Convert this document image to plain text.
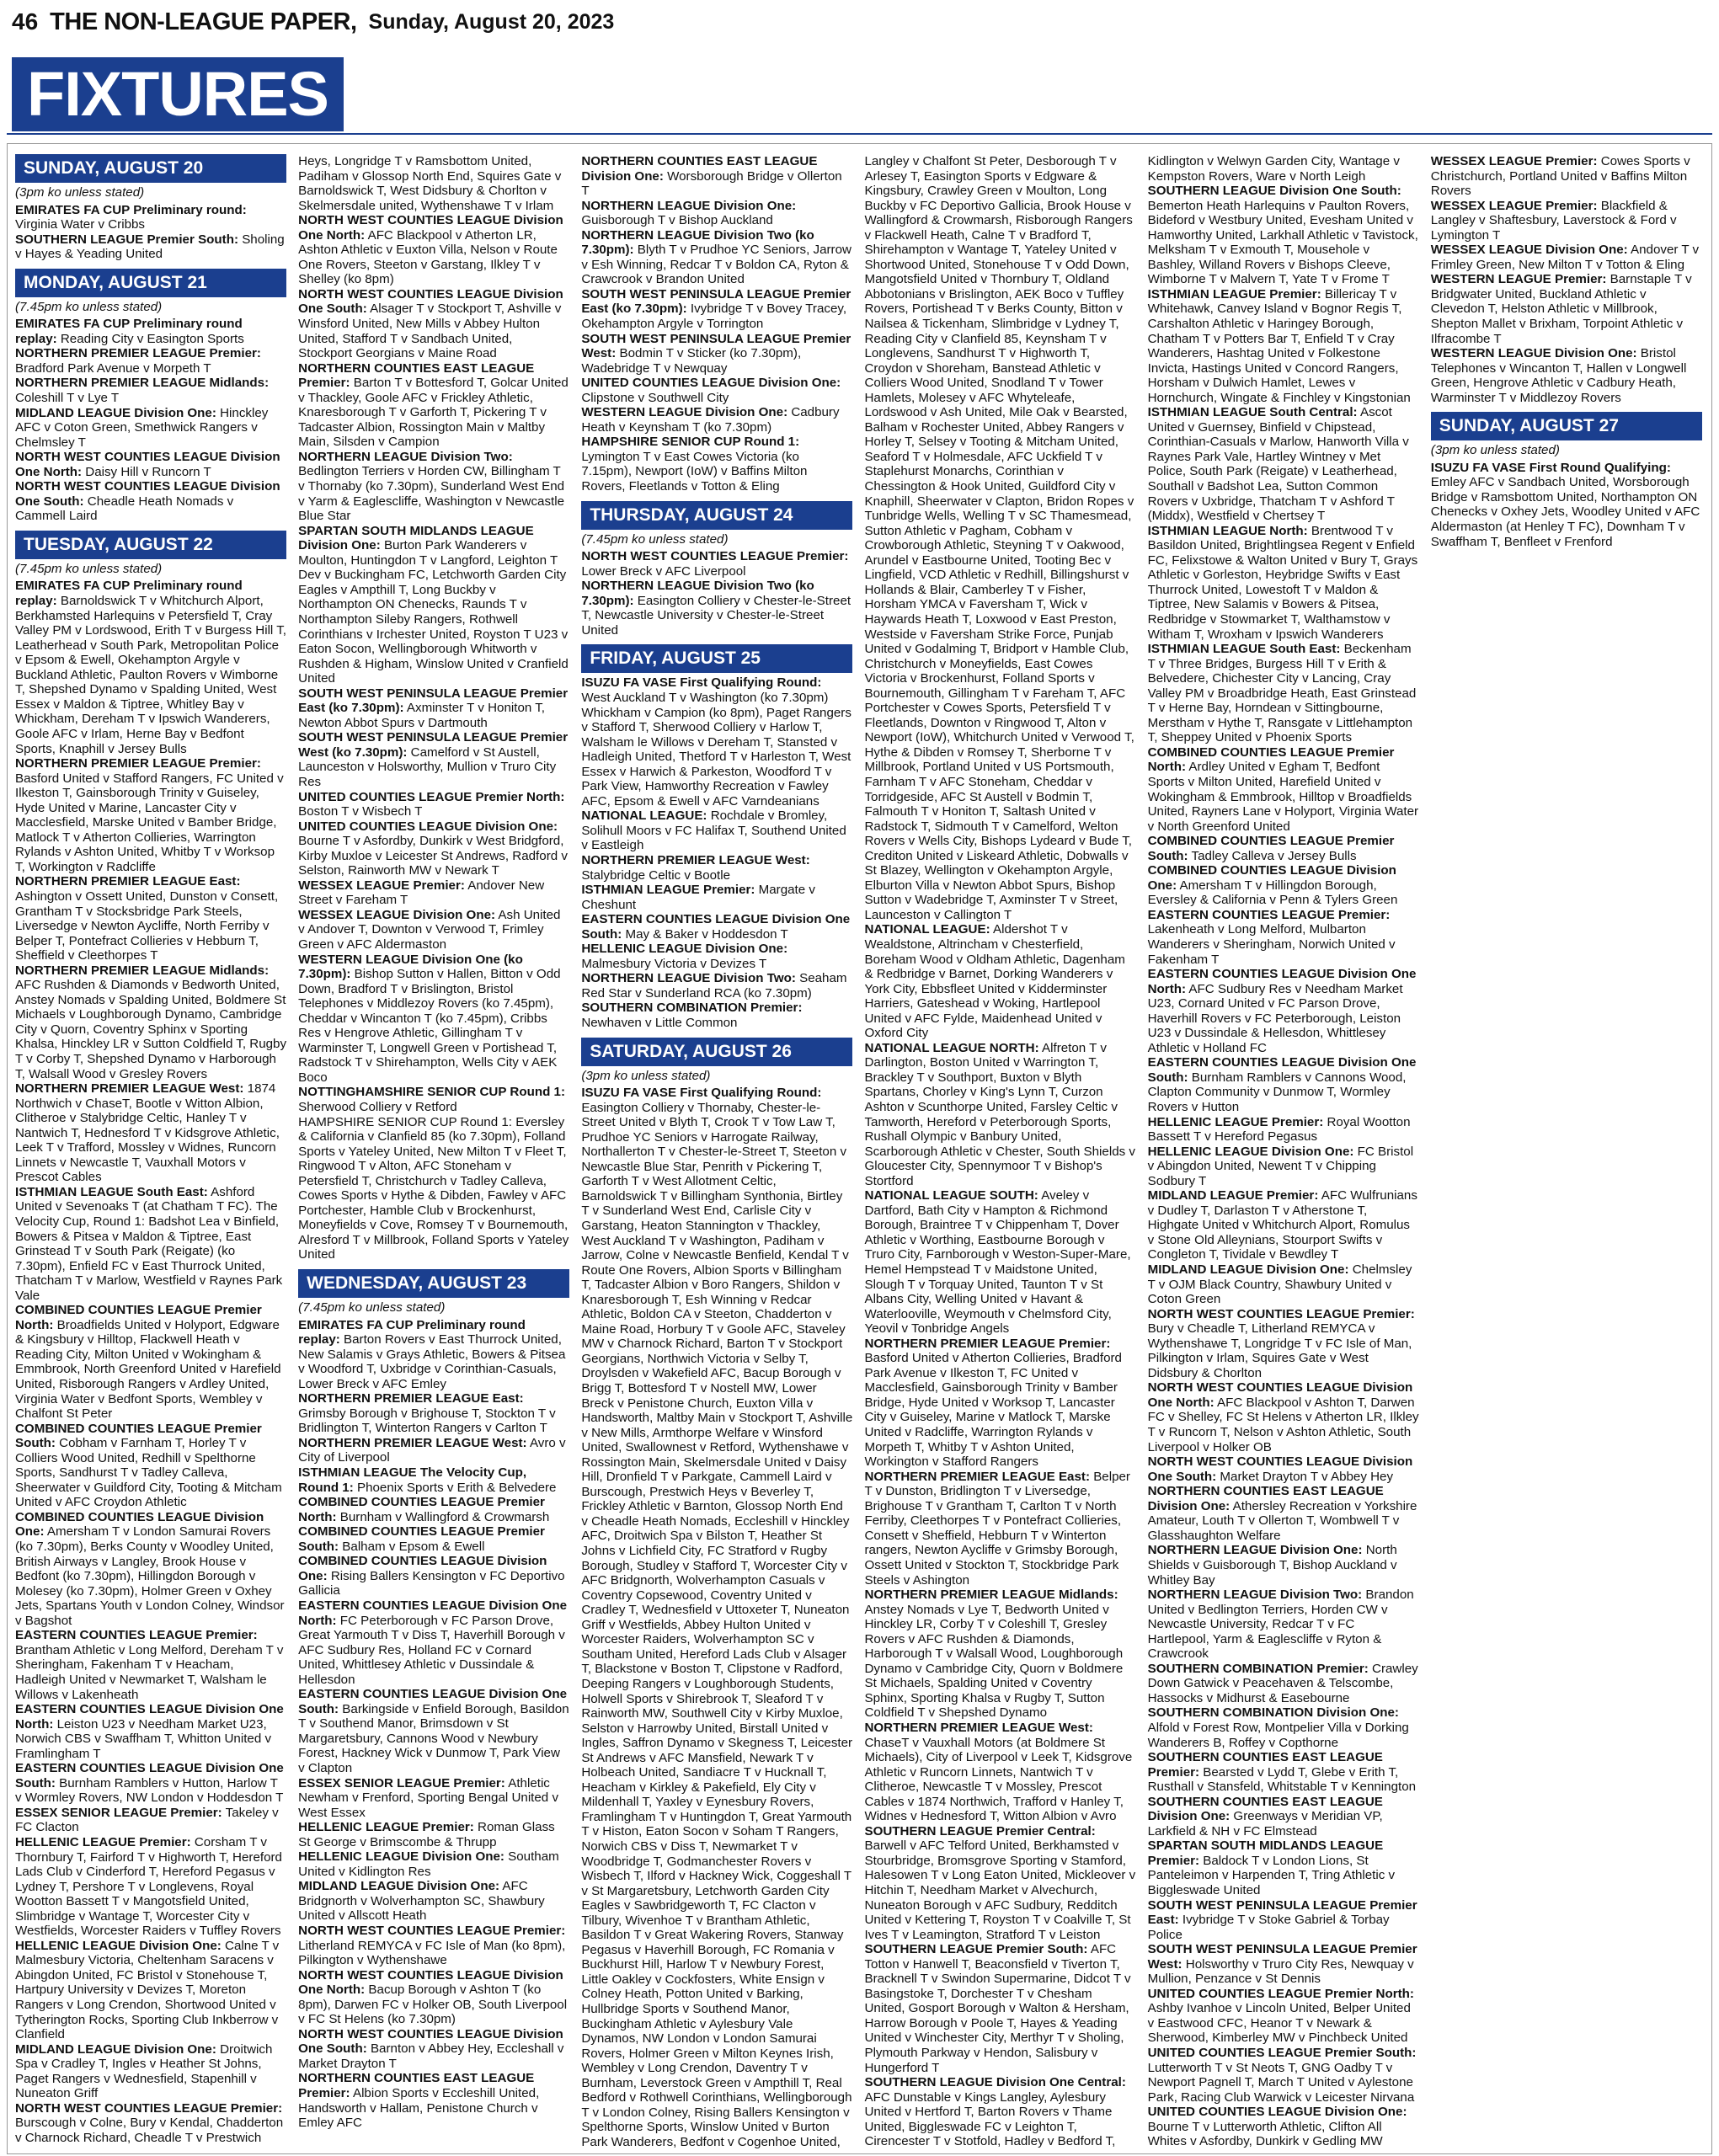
46 THE NON-LEAGUE PAPER, Sunday, August 20, 2023
FIXTURES
SUNDAY, AUGUST 20
(3pm ko unless stated)

EMIRATES FA CUP Preliminary round: Virginia Water v Cribbs

SOUTHERN LEAGUE Premier South: Sholing v Hayes & Yeading United

MONDAY, AUGUST 21
(7.45pm ko unless stated)

EMIRATES FA CUP Preliminary round replay: Reading City v Easington Sports

NORTHERN PREMIER LEAGUE Premier: Bradford Park Avenue v Morpeth T

NORTHERN PREMIER LEAGUE Midlands: Coleshill T v Lye T

MIDLAND LEAGUE Division One: Hinckley AFC v Coton Green, Smethwick Rangers v Chelmsley T

NORTH WEST COUNTIES LEAGUE Division One North: Daisy Hill v Runcorn T

NORTH WEST COUNTIES LEAGUE Division One South: Cheadle Heath Nomads v Cammell Laird

TUESDAY, AUGUST 22
(7.45pm ko unless stated)

EMIRATES FA CUP Preliminary round replay: Barnoldswick T v Whitchurch Alport, Berkhamsted Harlequins v Petersfield T, Cray Valley PM v Lordswood, Erith T v Burgess Hill T, Leatherhead v South Park, Metropolitan Police v Epsom & Ewell, Okehampton Argyle v Buckland Athletic, Paulton Rovers v Wimborne T, Shepshed Dynamo v Spalding United, West Essex v Maldon & Tiptree, Whitley Bay v Whickham, Dereham T v Ipswich Wanderers, Goole AFC v Irlam, Herne Bay v Bedfont Sports, Knaphill v Jersey Bulls

NORTHERN PREMIER LEAGUE Premier: Basford United v Stafford Rangers, FC United v Ilkeston T, Gainsborough Trinity v Guiseley, Hyde United v Marine, Lancaster City v Macclesfield, Marske United v Bamber Bridge, Matlock T v Atherton Collieries, Warrington Rylands v Ashton United, Whitby T v Worksop T, Workington v Radcliffe

NORTHERN PREMIER LEAGUE East: Ashington v Ossett United, Dunston v Consett, Grantham T v Stocksbridge Park Steels, Liversedge v Newton Aycliffe, North Ferriby v Belper T, Pontefract Collieries v Hebburn T, Sheffield v Cleethorpes T

NORTHERN PREMIER LEAGUE Midlands: AFC Rushden & Diamonds v Bedworth United, Anstey Nomads v Spalding United, Boldmere St Michaels v Loughborough Dynamo, Cambridge City v Quorn, Coventry Sphinx v Sporting Khalsa, Hinckley LR v Sutton Coldfield T, Rugby T v Corby T, Shepshed Dynamo v Harborough T, Walsall Wood v Gresley Rovers

NORTHERN PREMIER LEAGUE West: 1874 Northwich v ChaseT, Bootle v Witton Albion, Clitheroe v Stalybridge Celtic, Hanley T v Nantwich T, Hednesford T v Kidsgrove Athletic, Leek T v Trafford, Mossley v Widnes, Runcorn Linnets v Newcastle T, Vauxhall Motors v Prescot Cables

ISTHMIAN LEAGUE South East: Ashford United v Sevenoaks T (at Chatham T FC). The Velocity Cup, Round 1: Badshot Lea v Binfield, Bowers & Pitsea v Maldon & Tiptree, East Grinstead T v South Park (Reigate) (ko 7.30pm), Enfield FC v East Thurrock United, Thatcham T v Marlow, Westfield v Raynes Park Vale

COMBINED COUNTIES LEAGUE Premier North: Broadfields United v Holyport, Edgware & Kingsbury v Hilltop, Flackwell Heath v Reading City, Milton United v Wokingham & Emmbrook, North Greenford United v Harefield United, Risborough Rangers v Ardley United, Virginia Water v Bedfont Sports, Wembley v Chalfont St Peter

COMBINED COUNTIES LEAGUE Premier South: Cobham v Farnham T, Horley T v Colliers Wood United, Redhill v Spelthorne Sports, Sandhurst T v Tadley Calleva, Sheerwater v Guildford City, Tooting & Mitcham United v AFC Croydon Athletic

COMBINED COUNTIES LEAGUE Division One: Amersham T v London Samurai Rovers (ko 7.30pm), Berks County v Woodley United, British Airways v Langley, Brook House v Bedfont (ko 7.30pm), Hillingdon Borough v Molesey (ko 7.30pm), Holmer Green v Oxhey Jets, Spartans Youth v London Colney, Windsor v Bagshot

EASTERN COUNTIES LEAGUE Premier: Brantham Athletic v Long Melford, Dereham T v Sheringham, Fakenham T v Heacham, Hadleigh United v Newmarket T, Walsham le Willows v Lakenheath

EASTERN COUNTIES LEAGUE Division One North: Leiston U23 v Needham Market U23, Norwich CBS v Swaffham T, Whitton United v Framlingham T

EASTERN COUNTIES LEAGUE Division One South: Burnham Ramblers v Hutton, Harlow T v Wormley Rovers, NW London v Hoddesdon T

ESSEX SENIOR LEAGUE Premier: Takeley v FC Clacton

HELLENIC LEAGUE Premier: Corsham T v Thornbury T, Fairford T v Highworth T, Hereford Lads Club v Cinderford T, Hereford Pegasus v Lydney T, Pershore T v Longlevens, Royal Wootton Bassett T v Mangotsfield United, Slimbridge v Wantage T, Worcester City v Westfields, Worcester Raiders v Tuffley Rovers

HELLENIC LEAGUE Division One: Calne T v Malmesbury Victoria, Cheltenham Saracens v Abingdon United, FC Bristol v Stonehouse T, Hartpury University v Devizes T, Moreton Rangers v Long Crendon, Shortwood United v Tytherington Rocks, Sporting Club Inkberrow v Clanfield

MIDLAND LEAGUE Division One: Droitwich Spa v Cradley T, Ingles v Heather St Johns, Paget Rangers v Wednesfield, Stapenhill v Nuneaton Griff

NORTH WEST COUNTIES LEAGUE Premier: Burscough v Colne, Bury v Kendal, Chadderton v Charnock Richard, Cheadle T v Prestwich Heys, Longridge T v Ramsbottom United, Padiham v Glossop North End, Squires Gate v Barnoldswick T, West Didsbury & Chorlton v Skelmersdale united, Wythenshawe T v Irlam

NORTH WEST COUNTIES LEAGUE Division One North: AFC Blackpool v Atherton LR, Ashton Athletic v Euxton Villa, Nelson v Route One Rovers, Steeton v Garstang, Ilkley T v Shelley (ko 8pm)

NORTH WEST COUNTIES LEAGUE Division One South: Alsager T v Stockport T, Ashville v Winsford United, New Mills v Abbey Hulton United, Stafford T v Sandbach United, Stockport Georgians v Maine Road

NORTHERN COUNTIES EAST LEAGUE Premier: Barton T v Bottesford T, Golcar United v Thackley, Goole AFC v Frickley Athletic, Knaresborough T v Garforth T, Pickering T v Tadcaster Albion, Rossington Main v Maltby Main, Silsden v Campion

NORTHERN LEAGUE Division Two: Bedlington Terriers v Horden CW, Billingham T v Thornaby (ko 7.30pm), Sunderland West End v Yarm & Eaglescliffe, Washington v Newcastle Blue Star

SPARTAN SOUTH MIDLANDS LEAGUE Division One: Burton Park Wanderers v Moulton, Huntingdon T v Langford, Leighton T Dev v Buckingham FC, Letchworth Garden City Eagles v Ampthill T, Long Buckby v Northampton ON Chenecks, Raunds T v Northampton Sileby Rangers, Rothwell Corinthians v Irchester United, Royston T U23 v Eaton Socon, Wellingborough Whitworth v Rushden & Higham, Winslow United v Cranfield United

SOUTH WEST PENINSULA LEAGUE Premier East (ko 7.30pm): Axminster T v Honiton T, Newton Abbot Spurs v Dartmouth

SOUTH WEST PENINSULA LEAGUE Premier West (ko 7.30pm): Camelford v St Austell, Launceston v Holsworthy, Mullion v Truro City Res

UNITED COUNTIES LEAGUE Premier North: Boston T v Wisbech T

UNITED COUNTIES LEAGUE Division One: Bourne T v Asfordby, Dunkirk v West Bridgford, Kirby Muxloe v Leicester St Andrews, Radford v Selston, Rainworth MW v Newark T

WESSEX LEAGUE Premier: Andover New Street v Fareham T

WESSEX LEAGUE Division One: Ash United v Andover T, Downton v Verwood T, Frimley Green v AFC Aldermaston

WESTERN LEAGUE Division One (ko 7.30pm): Bishop Sutton v Hallen, Bitton v Odd Down, Bradford T v Brislington, Bristol Telephones v Middlezoy Rovers (ko 7.45pm), Cheddar v Wincanton T (ko 7.45pm), Cribbs Res v Hengrove Athletic, Gillingham T v Warminster T, Longwell Green v Portishead T, Radstock T v Shirehampton, Wells City v AEK Boco

NOTTINGHAMSHIRE SENIOR CUP Round 1: Sherwood Colliery v Retford

HAMPSHIRE SENIOR CUP Round 1: Eversley & California v Clanfield 85 (ko 7.30pm), Folland Sports v Yateley United, New Milton T v Fleet T, Ringwood T v Alton, AFC Stoneham v Petersfield T, Christchurch v Tadley Calleva, Cowes Sports v Hythe & Dibden, Fawley v AFC Portchester, Hamble Club v Brockenhurst, Moneyfields v Cove, Romsey T v Bournemouth, Alresford T v Millbrook, Folland Sports v Yateley United

WEDNESDAY, AUGUST 23
(7.45pm ko unless stated)

EMIRATES FA CUP Preliminary round replay: Barton Rovers v East Thurrock United, New Salamis v Grays Athletic, Bowers & Pitsea v Woodford T, Uxbridge v Corinthian-Casuals, Lower Breck v AFC Emley

NORTHERN PREMIER LEAGUE East: Grimsby Borough v Brighouse T, Stockton T v Bridlington T, Winterton Rangers v Carlton T

NORTHERN PREMIER LEAGUE West: Avro v City of Liverpool

ISTHMIAN LEAGUE The Velocity Cup, Round 1: Phoenix Sports v Erith & Belvedere

COMBINED COUNTIES LEAGUE Premier North: Burnham v Wallingford & Crowmarsh

COMBINED COUNTIES LEAGUE Premier South: Balham v Epsom & Ewell

COMBINED COUNTIES LEAGUE Division One: Rising Ballers Kensington v FC Deportivo Gallicia

EASTERN COUNTIES LEAGUE Division One North: FC Peterborough v FC Parson Drove, Great Yarmouth T v Diss T, Haverhill Borough v AFC Sudbury Res, Holland FC v Cornard United, Whittlesey Athletic v Dussindale & Hellesdon

EASTERN COUNTIES LEAGUE Division One South: Barkingside v Enfield Borough, Basildon T v Southend Manor, Brimsdown v St Margaretsbury, Cannons Wood v Newbury Forest, Hackney Wick v Dunmow T, Park View v Clapton

ESSEX SENIOR LEAGUE Premier: Athletic Newham v Frenford, Sporting Bengal United v West Essex

HELLENIC LEAGUE Premier: Roman Glass St George v Brimscombe & Thrupp

HELLENIC LEAGUE Division One: Southam United v Kidlington Res

MIDLAND LEAGUE Division One: AFC Bridgnorth v Wolverhampton SC, Shawbury United v Allscott Heath

NORTH WEST COUNTIES LEAGUE Premier: Litherland REMYCA v FC Isle of Man (ko 8pm), Pilkington v Wythenshawe

NORTH WEST COUNTIES LEAGUE Division One North: Bacup Borough v Ashton T (ko 8pm), Darwen FC v Holker OB, South Liverpool v FC St Helens (ko 7.30pm)

NORTH WEST COUNTIES LEAGUE Division One South: Barnton v Abbey Hey, Eccleshall v Market Drayton T

NORTHERN COUNTIES EAST LEAGUE Premier: Albion Sports v Eccleshill United, Handsworth v Hallam, Penistone Church v Emley AFC

NORTHERN COUNTIES EAST LEAGUE Division One: Worsborough Bridge v Ollerton T

NORTHERN LEAGUE Division One: Guisborough T v Bishop Auckland

NORTHERN LEAGUE Division Two (ko 7.30pm): Blyth T v Prudhoe YC Seniors, Jarrow v Esh Winning, Redcar T v Boldon CA, Ryton & Crawcrook v Brandon United

SOUTH WEST PENINSULA LEAGUE Premier East (ko 7.30pm): Ivybridge T v Bovey Tracey, Okehampton Argyle v Torrington

SOUTH WEST PENINSULA LEAGUE Premier West: Bodmin T v Sticker (ko 7.30pm), Wadebridge T v Newquay

UNITED COUNTIES LEAGUE Division One: Clipstone v Southwell City

WESTERN LEAGUE Division One: Cadbury Heath v Keynsham T (ko 7.30pm)

HAMPSHIRE SENIOR CUP Round 1: Lymington T v East Cowes Victoria (ko 7.15pm), Newport (IoW) v Baffins Milton Rovers, Fleetlands v Totton & Eling

THURSDAY, AUGUST 24
(7.45pm ko unless stated)

NORTH WEST COUNTIES LEAGUE Premier: Lower Breck v AFC Liverpool

NORTHERN LEAGUE Division Two (ko 7.30pm): Easington Colliery v Chester-le-Street T, Newcastle University v Chester-le-Street United

FRIDAY, AUGUST 25

ISUZU FA VASE First Qualifying Round: West Auckland T v Washington (ko 7.30pm) Whickham v Campion (ko 8pm), Paget Rangers v Stafford T, Sherwood Colliery v Harlow T, Walsham le Willows v Dereham T, Stansted v Hadleigh United, Thetford T v Harleston T, West Essex v Harwich & Parkeston, Woodford T v Park View, Hamworthy Recreation v Fawley AFC, Epsom & Ewell v AFC Varndeanians

NATIONAL LEAGUE: Rochdale v Bromley, Solihull Moors v FC Halifax T, Southend United v Eastleigh

NORTHERN PREMIER LEAGUE West: Stalybridge Celtic v Bootle

ISTHMIAN LEAGUE Premier: Margate v Cheshunt

EASTERN COUNTIES LEAGUE Division One South: May & Baker v Hoddesdon T

HELLENIC LEAGUE Division One: Malmesbury Victoria v Devizes T

NORTHERN LEAGUE Division Two: Seaham Red Star v Sunderland RCA (ko 7.30pm)

SOUTHERN COMBINATION Premier: Newhaven v Little Common

SATURDAY, AUGUST 26
(3pm ko unless stated)

ISUZU FA VASE First Qualifying Round: Easington Colliery v Thornaby, Chester-le-Street United v Blyth T, Crook T v Tow Law T, Prudhoe YC Seniors v Harrogate Railway, Northallerton T v Chester-le-Street T, Steeton v Newcastle Blue Star, Penrith v Pickering T, Garforth T v West Allotment Celtic, Barnoldswick T v Billingham Synthonia, Birtley T v Sunderland West End, Carlisle City v Garstang, Heaton Stannington v Thackley, West Auckland T v Washington, Padiham v Jarrow, Colne v Newcastle Benfield, Kendal T v Route One Rovers, Albion Sports v Billingham T, Tadcaster Albion v Boro Rangers, Shildon v Knaresborough T, Esh Winning v Redcar Athletic, Boldon CA v Steeton, Chadderton v Maine Road, Horbury T v Goole AFC, Staveley MW v Charnock Richard, Barton T v Stockport Georgians, Northwich Victoria v Selby T, Droylsden v Wakefield AFC, Bacup Borough v Brigg T, Bottesford T v Nostell MW, Lower Breck v Penistone Church, Euxton Villa v Handsworth, Maltby Main v Stockport T, Ashville v New Mills, Armthorpe Welfare v Winsford United, Swallownest v Retford, Wythenshawe v Rossington Main, Skelmersdale United v Daisy Hill, Dronfield T v Parkgate, Cammell Laird v Burscough, Prestwich Heys v Beverley T, Frickley Athletic v Barnton, Glossop North End v Cheadle Heath Nomads, Eccleshill v Hinckley AFC, Droitwich Spa v Bilston T, Heather St Johns v Lichfield City, FC Stratford v Rugby Borough, Studley v Stafford T, Worcester City v AFC Bridgnorth, Wolverhampton Casuals v Coventry Copsewood, Coventry United v Cradley T, Wednesfield v Uttoxeter T, Nuneaton Griff v Westfields, Abbey Hulton United v Worcester Raiders, Wolverhampton SC v Southam United, Hereford Lads Club v Alsager T, Blackstone v Boston T, Clipstone v Radford, Deeping Rangers v Loughborough Students, Holwell Sports v Shirebrook T, Sleaford T v Rainworth MW, Southwell City v Kirby Muxloe, Selston v Harrowby United, Birstall United v Ingles, Saffron Dynamo v Skegness T, Leicester St Andrews v AFC Mansfield, Newark T v Holbeach United, Sandiacre T v Hucknall T, Heacham v Kirkley & Pakefield, Ely City v Mildenhall T, Yaxley v Eynesbury Rovers, Framlingham T v Huntingdon T, Great Yarmouth T v Histon, Eaton Socon v Soham T Rangers, Norwich CBS v Diss T, Newmarket T v Woodbridge T, Godmanchester Rovers v Wisbech T, Ilford v Hackney Wick, Coggeshall T v St Margaretsbury, Letchworth Garden City Eagles v Sawbridgeworth T, FC Clacton v Tilbury, Wivenhoe T v Brantham Athletic, Basildon T v Great Wakering Rovers, Stanway Pegasus v Haverhill Borough, FC Romania v Buckhurst Hill, Harlow T v Newbury Forest, Little Oakley v Cockfosters, White Ensign v Colney Heath, Potton United v Barking, Hullbridge Sports v Southend Manor, Buckingham Athletic v Aylesbury Vale Dynamos, NW London v London Samurai Rovers, Holmer Green v Milton Keynes Irish, Wembley v Long Crendon, Daventry T v Burnham, Leverstock Green v Ampthill T, Real Bedford v Rothwell Corinthians, Wellingborough T v London Colney, Rising Ballers Kensington v Spelthorne Sports, Winslow United v Burton Park Wanderers, Bedfont v Cogenhoe United, Langley v Chalfont St Peter, Desborough T v Arlesey T, Easington Sports v Edgware & Kingsbury, Crawley Green v Moulton, Long Buckby v FC Deportivo Gallicia, Brook House v Wallingford & Crowmarsh, Risborough Rangers v Flackwell Heath, Calne T v Bradford T, Shirehampton v Wantage T, Yateley United v Shortwood United, Stonehouse T v Odd Down, Mangotsfield United v Thornbury T, Oldland Abbotonians v Brislington, AEK Boco v Tuffley Rovers, Portishead T v Berks County, Bitton v Nailsea & Tickenham, Slimbridge v Lydney T, Reading City v Clanfield 85, Keynsham T v Longlevens, Sandhurst T v Highworth T, Croydon v Shoreham, Banstead Athletic v Colliers Wood United, Snodland T v Tower Hamlets, Molesey v AFC Whyteleafe, Lordswood v Ash United, Mile Oak v Bearsted, Balham v Rochester United, Abbey Rangers v Horley T, Selsey v Tooting & Mitcham United, Seaford T v Holmesdale, AFC Uckfield T v Staplehurst Monarchs, Corinthian v Chessington & Hook United, Guildford City v Knaphill, Sheerwater v Clapton, Bridon Ropes v Tunbridge Wells, Welling T v SC Thamesmead, Sutton Athletic v Pagham, Cobham v Crowborough Athletic, Steyning T v Oakwood, Arundel v Eastbourne United, Tooting Bec v Lingfield, VCD Athletic v Redhill, Billingshurst v Hollands & Blair, Camberley T v Fisher, Horsham YMCA v Faversham T, Wick v Haywards Heath T, Loxwood v East Preston, Westside v Faversham Strike Force, Punjab United v Godalming T, Bridport v Hamble Club, Christchurch v Moneyfields, East Cowes Victoria v Brockenhurst, Folland Sports v Bournemouth, Gillingham T v Fareham T, AFC Portchester v Cowes Sports, Petersfield T v Fleetlands, Downton v Ringwood T, Alton v Newport (IoW), Whitchurch United v Verwood T, Hythe & Dibden v Romsey T, Sherborne T v Millbrook, Portland United v US Portsmouth, Farnham T v AFC Stoneham, Cheddar v Torridgeside, AFC St Austell v Bodmin T, Falmouth T v Honiton T, Saltash United v Radstock T, Sidmouth T v Camelford, Welton Rovers v Wells City, Bishops Lydeard v Bude T, Crediton United v Liskeard Athletic, Dobwalls v St Blazey, Wellington v Okehampton Argyle, Elburton Villa v Newton Abbot Spurs, Bishop Sutton v Wadebridge T, Axminster T v Street, Launceston v Callington T

NATIONAL LEAGUE: Aldershot T v Wealdstone, Altrincham v Chesterfield, Boreham Wood v Oldham Athletic, Dagenham & Redbridge v Barnet, Dorking Wanderers v York City, Ebbsfleet United v Kidderminster Harriers, Gateshead v Woking, Hartlepool United v AFC Fylde, Maidenhead United v Oxford City

NATIONAL LEAGUE NORTH: Alfreton T v Darlington, Boston United v Warrington T, Brackley T v Southport, Buxton v Blyth Spartans, Chorley v King's Lynn T, Curzon Ashton v Scunthorpe United, Farsley Celtic v Tamworth, Hereford v Peterborough Sports, Rushall Olympic v Banbury United, Scarborough Athletic v Chester, South Shields v Gloucester City, Spennymoor T v Bishop's Stortford

NATIONAL LEAGUE SOUTH: Aveley v Dartford, Bath City v Hampton & Richmond Borough, Braintree T v Chippenham T, Dover Athletic v Worthing, Eastbourne Borough v Truro City, Farnborough v Weston-Super-Mare, Hemel Hempstead T v Maidstone United, Slough T v Torquay United, Taunton T v St Albans City, Welling United v Havant & Waterlooville, Weymouth v Chelmsford City, Yeovil v Tonbridge Angels

NORTHERN PREMIER LEAGUE Premier: Basford United v Atherton Collieries, Bradford Park Avenue v Ilkeston T, FC United v Macclesfield, Gainsborough Trinity v Bamber Bridge, Hyde United v Worksop T, Lancaster City v Guiseley, Marine v Matlock T, Marske United v Radcliffe, Warrington Rylands v Morpeth T, Whitby T v Ashton United, Workington v Stafford Rangers

NORTHERN PREMIER LEAGUE East: Belper T v Dunston, Bridlington T v Liversedge, Brighouse T v Grantham T, Carlton T v North Ferriby, Cleethorpes T v Pontefract Collieries, Consett v Sheffield, Hebburn T v Winterton rangers, Newton Aycliffe v Grimsby Borough, Ossett United v Stockton T, Stockbridge Park Steels v Ashington

NORTHERN PREMIER LEAGUE Midlands: Anstey Nomads v Lye T, Bedworth United v Hinckley LR, Corby T v Coleshill T, Gresley Rovers v AFC Rushden & Diamonds, Harborough T v Walsall Wood, Loughborough Dynamo v Cambridge City, Quorn v Boldmere St Michaels, Spalding United v Coventry Sphinx, Sporting Khalsa v Rugby T, Sutton Coldfield T v Shepshed Dynamo

NORTHERN PREMIER LEAGUE West: ChaseT v Vauxhall Motors (at Boldmere St Michaels), City of Liverpool v Leek T, Kidsgrove Athletic v Runcorn Linnets, Nantwich T v Clitheroe, Newcastle T v Mossley, Prescot Cables v 1874 Northwich, Trafford v Hanley T, Widnes v Hednesford T, Witton Albion v Avro

SOUTHERN LEAGUE Premier Central: Barwell v AFC Telford United, Berkhamsted v Stourbridge, Bromsgrove Sporting v Stamford, Halesowen T v Long Eaton United, Mickleover v Hitchin T, Needham Market v Alvechurch, Nuneaton Borough v AFC Sudbury, Redditch United v Kettering T, Royston T v Coalville T, St Ives T v Leamington, Stratford T v Leiston

SOUTHERN LEAGUE Premier South: AFC Totton v Hanwell T, Beaconsfield v Tiverton T, Bracknell T v Swindon Supermarine, Didcot T v Basingstoke T, Dorchester T v Chesham United, Gosport Borough v Walton & Hersham, Harrow Borough v Poole T, Hayes & Yeading United v Winchester City, Merthyr T v Sholing, Plymouth Parkway v Hendon, Salisbury v Hungerford T

SOUTHERN LEAGUE Division One Central: AFC Dunstable v Kings Langley, Aylesbury United v Hertford T, Barton Rovers v Thame United, Biggleswade FC v Leighton T, Cirencester T v Stotfold, Hadley v Bedford T, Kidlington v Welwyn Garden City, Wantage v Kempston Rovers, Ware v North Leigh

SOUTHERN LEAGUE Division One South: Bemerton Heath Harlequins v Paulton Rovers, Bideford v Westbury United, Evesham United v Hamworthy United, Larkhall Athletic v Tavistock, Melksham T v Exmouth T, Mousehole v Bashley, Willand Rovers v Bishops Cleeve, Wimborne T v Malvern T, Yate T v Frome T

ISTHMIAN LEAGUE Premier: Billericay T v Whitehawk, Canvey Island v Bognor Regis T, Carshalton Athletic v Haringey Borough, Chatham T v Potters Bar T, Enfield T v Cray Wanderers, Hashtag United v Folkestone Invicta, Hastings United v Concord Rangers, Horsham v Dulwich Hamlet, Lewes v Hornchurch, Wingate & Finchley v Kingstonian

ISTHMIAN LEAGUE South Central: Ascot United v Guernsey, Binfield v Chipstead, Corinthian-Casuals v Marlow, Hanworth Villa v Raynes Park Vale, Hartley Wintney v Met Police, South Park (Reigate) v Leatherhead, Southall v Badshot Lea, Sutton Common Rovers v Uxbridge, Thatcham T v Ashford T (Middx), Westfield v Chertsey T

ISTHMIAN LEAGUE North: Brentwood T v Basildon United, Brightlingsea Regent v Enfield FC, Felixstowe & Walton United v Bury T, Grays Athletic v Gorleston, Heybridge Swifts v East Thurrock United, Lowestoft T v Maldon & Tiptree, New Salamis v Bowers & Pitsea, Redbridge v Stowmarket T, Walthamstow v Witham T, Wroxham v Ipswich Wanderers

ISTHMIAN LEAGUE South East: Beckenham T v Three Bridges, Burgess Hill T v Erith & Belvedere, Chichester City v Lancing, Cray Valley PM v Broadbridge Heath, East Grinstead T v Herne Bay, Horndean v Sittingbourne, Merstham v Hythe T, Ransgate v Littlehampton T, Sheppey United v Phoenix Sports

COMBINED COUNTIES LEAGUE Premier North: Ardley United v Egham T, Bedfont Sports v Milton United, Harefield United v Wokingham & Emmbrook, Hilltop v Broadfields United, Rayners Lane v Holyport, Virginia Water v North Greenford United

COMBINED COUNTIES LEAGUE Premier South: Tadley Calleva v Jersey Bulls

COMBINED COUNTIES LEAGUE Division One: Amersham T v Hillingdon Borough, Eversley & California v Penn & Tylers Green

EASTERN COUNTIES LEAGUE Premier: Lakenheath v Long Melford, Mulbarton Wanderers v Sheringham, Norwich United v Fakenham T

EASTERN COUNTIES LEAGUE Division One North: AFC Sudbury Res v Needham Market U23, Cornard United v FC Parson Drove, Haverhill Rovers v FC Peterborough, Leiston U23 v Dussindale & Hellesdon, Whittlesey Athletic v Holland FC

EASTERN COUNTIES LEAGUE Division One South: Burnham Ramblers v Cannons Wood, Clapton Community v Dunmow T, Wormley Rovers v Hutton

HELLENIC LEAGUE Premier: Royal Wootton Bassett T v Hereford Pegasus

HELLENIC LEAGUE Division One: FC Bristol v Abingdon United, Newent T v Chipping Sodbury T

MIDLAND LEAGUE Premier: AFC Wulfrunians v Dudley T, Darlaston T v Atherstone T, Highgate United v Whitchurch Alport, Romulus v Stone Old Alleynians, Stourport Swifts v Congleton T, Tividale v Bewdley T

MIDLAND LEAGUE Division One: Chelmsley T v OJM Black Country, Shawbury United v Coton Green

NORTH WEST COUNTIES LEAGUE Premier: Bury v Cheadle T, Litherland REMYCA v Wythenshawe T, Longridge T v FC Isle of Man, Pilkington v Irlam, Squires Gate v West Didsbury & Chorlton

NORTH WEST COUNTIES LEAGUE Division One North: AFC Blackpool v Ashton T, Darwen FC v Shelley, FC St Helens v Atherton LR, Ilkley T v Runcorn T, Nelson v Ashton Athletic, South Liverpool v Holker OB

NORTH WEST COUNTIES LEAGUE Division One South: Market Drayton T v Abbey Hey

NORTHERN COUNTIES EAST LEAGUE Division One: Athersley Recreation v Yorkshire Amateur, Louth T v Ollerton T, Wombwell T v Glasshaughton Welfare

NORTHERN LEAGUE Division One: North Shields v Guisborough T, Bishop Auckland v Whitley Bay

NORTHERN LEAGUE Division Two: Brandon United v Bedlington Terriers, Horden CW v Newcastle University, Redcar T v FC Hartlepool, Yarm & Eaglescliffe v Ryton & Crawcrook

SOUTHERN COMBINATION Premier: Crawley Down Gatwick v Peacehaven & Telscombe, Hassocks v Midhurst & Easebourne

SOUTHERN COMBINATION Division One: Alfold v Forest Row, Montpelier Villa v Dorking Wanderers B, Roffey v Copthorne

SOUTHERN COUNTIES EAST LEAGUE Premier: Bearsted v Lydd T, Glebe v Erith T, Rusthall v Stansfeld, Whitstable T v Kennington

SOUTHERN COUNTIES EAST LEAGUE Division One: Greenways v Meridian VP, Larkfield & NH v FC Elmstead

SPARTAN SOUTH MIDLANDS LEAGUE Premier: Baldock T v London Lions, St Panteleimon v Harpenden T, Tring Athletic v Biggleswade United

SOUTH WEST PENINSULA LEAGUE Premier East: Ivybridge T v Stoke Gabriel & Torbay Police

SOUTH WEST PENINSULA LEAGUE Premier West: Holsworthy v Truro City Res, Newquay v Mullion, Penzance v St Dennis

UNITED COUNTIES LEAGUE Premier North: Ashby Ivanhoe v Lincoln United, Belper United v Eastwood CFC, Heanor T v Newark & Sherwood, Kimberley MW v Pinchbeck United

UNITED COUNTIES LEAGUE Premier South: Lutterworth T v St Neots T, GNG Oadby T v Newport Pagnell T, March T United v Aylestone Park, Racing Club Warwick v Leicester Nirvana

UNITED COUNTIES LEAGUE Division One: Bourne T v Lutterworth Athletic, Clifton All Whites v Asfordby, Dunkirk v Gedling MW

WESSEX LEAGUE Premier: Cowes Sports v Christchurch, Portland United v Baffins Milton Rovers

WESSEX LEAGUE Premier: Blackfield & Langley v Shaftesbury, Laverstock & Ford v Lymington T

WESSEX LEAGUE Division One: Andover T v Frimley Green, New Milton T v Totton & Eling

WESTERN LEAGUE Premier: Barnstaple T v Bridgwater United, Buckland Athletic v Clevedon T, Helston Athletic v Millbrook, Shepton Mallet v Brixham, Torpoint Athletic v Ilfracombe T

WESTERN LEAGUE Division One: Bristol Telephones v Wincanton T, Hallen v Longwell Green, Hengrove Athletic v Cadbury Heath, Warminster T v Middlezoy Rovers

SUNDAY, AUGUST 27
(3pm ko unless stated)

ISUZU FA VASE First Round Qualifying: Emley AFC v Sandbach United, Worsborough Bridge v Ramsbottom United, Northampton ON Chenecks v Oxhey Jets, Woodley United v AFC Aldermaston (at Henley T FC), Downham T v Swaffham T, Benfleet v Frenford
